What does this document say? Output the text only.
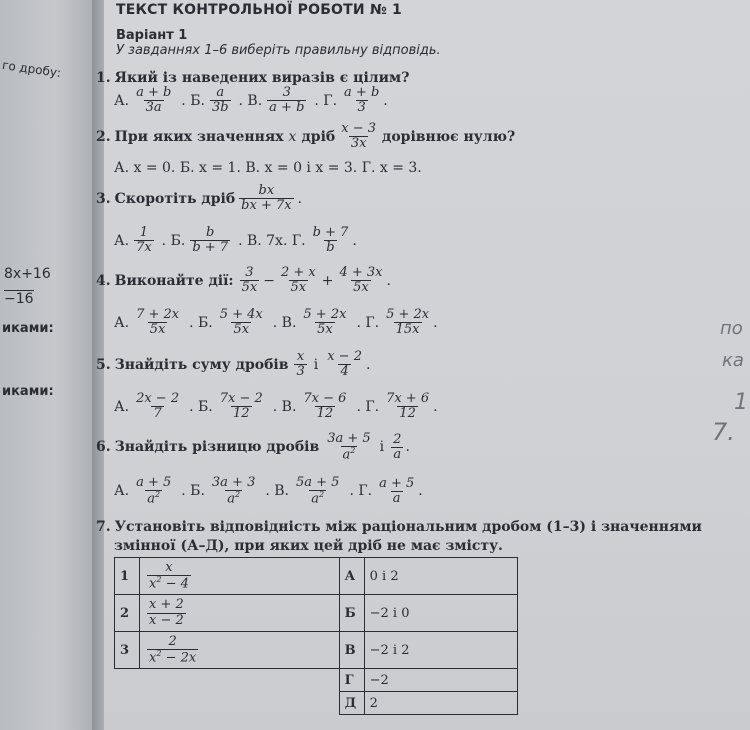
го дробу:
8x+16
−16
иками:
иками:
по
ка
1
7.
ТЕКСТ КОНТРОЛЬНОЇ РОБОТИ № 1
Варіант 1
У завданнях 1–6 виберіть правильну відповідь.
1. Який із наведених виразів є цілим?
А. $\frac{a + b}{3a}$ . Б. $\frac{a}{3b}$ . В. $\frac{3}{a + b}$ . Г. $\frac{a + b}{3}$ .
2. При яких значеннях x дріб $\frac{x - 3}{3x}$ дорівнює нулю?
А. x = 0. Б. x = 1. В. x = 0 і x = 3. Г. x = 3.
3. Скоротіть дріб $\frac{bx}{bx + 7x}$ .
А. $\frac{1}{7x}$ . Б. $\frac{b}{b + 7}$ . В. 7x. Г. $\frac{b + 7}{b}$ .
4. Виконайте дії: $\frac{3}{5x} - \frac{2 + x}{5x} + \frac{4 + 3x}{5x}$ .
А. $\frac{7 + 2x}{5x}$ . Б. $\frac{5 + 4x}{5x}$ . В. $\frac{5 + 2x}{5x}$ . Г. $\frac{5 + 2x}{15x}$ .
5. Знайдіть суму дробів $\frac{x}{3}$ і $\frac{x - 2}{4}$ .
А. $\frac{2x - 2}{7}$ . Б. $\frac{7x - 2}{12}$ . В. $\frac{7x - 6}{12}$ . Г. $\frac{7x + 6}{12}$ .
6. Знайдіть різницю дробів $\frac{3a + 5}{a^2}$ і $\frac{2}{a}$ .
А. $\frac{a + 5}{a^2}$ . Б. $\frac{3a + 3}{a^2}$ . В. $\frac{5a + 5}{a^2}$ . Г. $\frac{a + 5}{a}$ .
7. Установіть відповідність між раціональним дробом (1–3) і значеннями
змінної (А–Д), при яких цей дріб не має змісту.
1	$\frac{x}{x^2 - 4}$	А	0 і 2
2	$\frac{x + 2}{x - 2}$	Б	−2 і 0
3	$\frac{2}{x^2 - 2x}$	В	−2 і 2
		Г	−2
		Д	2
